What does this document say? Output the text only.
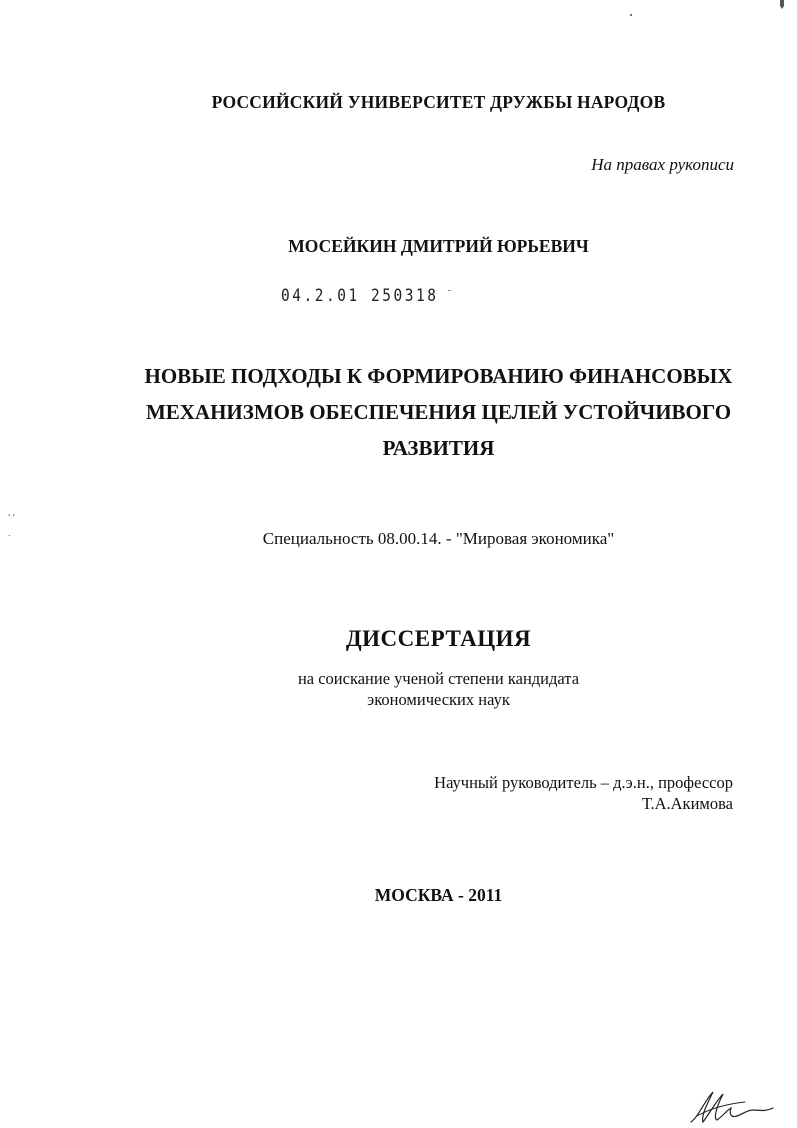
' '
.
РОССИЙСКИЙ УНИВЕРСИТЕТ ДРУЖБЫ НАРОДОВ
На правах рукописи
МОСЕЙКИН ДМИТРИЙ ЮРЬЕВИЧ
04.2.01 250318 ⁻
НОВЫЕ ПОДХОДЫ К ФОРМИРОВАНИЮ ФИНАНСОВЫХ
МЕХАНИЗМОВ ОБЕСПЕЧЕНИЯ ЦЕЛЕЙ УСТОЙЧИВОГО
РАЗВИТИЯ
Специальность 08.00.14. - "Мировая экономика"
ДИССЕРТАЦИЯ
на соискание ученой степени кандидата
экономических наук
Научный руководитель – д.э.н., профессор
Т.А.Акимова
МОСКВА - 2011
